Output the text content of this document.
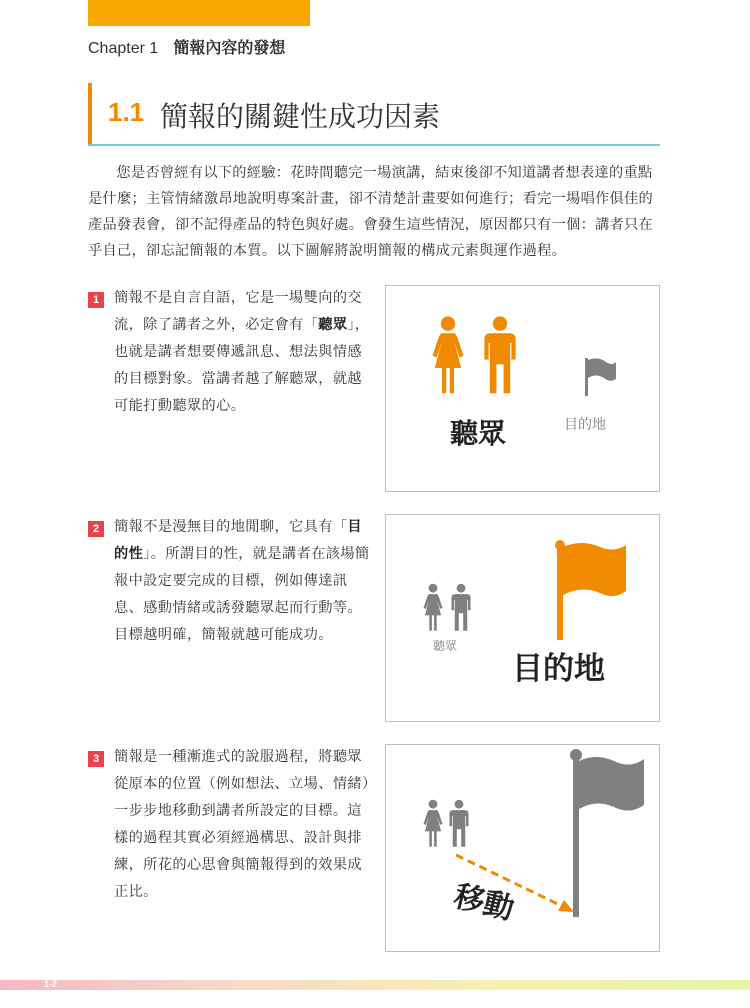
Chapter 1 簡報內容的發想
1.1 簡報的關鍵性成功因素

您是否曾經有以下的經驗：花時間聽完一場演講，結束後卻不知道講者想表達的重點是什麼；主管情緒激昂地說明專案計畫，卻不清楚計畫要如何進行；看完一場唱作俱佳的產品發表會，卻不記得產品的特色與好處。會發生這些情況，原因都只有一個：講者只在乎自己，卻忘記簡報的本質。以下圖解將說明簡報的構成元素與運作過程。

1	簡報不是自言自語，它是一場雙向的交流，除了講者之外，必定會有「聽眾」，也就是講者想要傳遞訊息、想法與情感的目標對象。當講者越了解聽眾，就越可能打動聽眾的心。
聽眾	目的地
2	簡報不是漫無目的地閒聊，它具有「目的性」。所謂目的性，就是講者在該場簡報中設定要完成的目標，例如傳達訊息、感動情緒或誘發聽眾起而行動等。目標越明確，簡報就越可能成功。
聽眾
目的地
3	簡報是一種漸進式的說服過程，將聽眾從原本的位置（例如想法、立場、情緒）一步步地移動到講者所設定的目標。這樣的過程其實必須經過構思、設計與排練，所花的心思會與簡報得到的效果成正比。	移動
1-2
